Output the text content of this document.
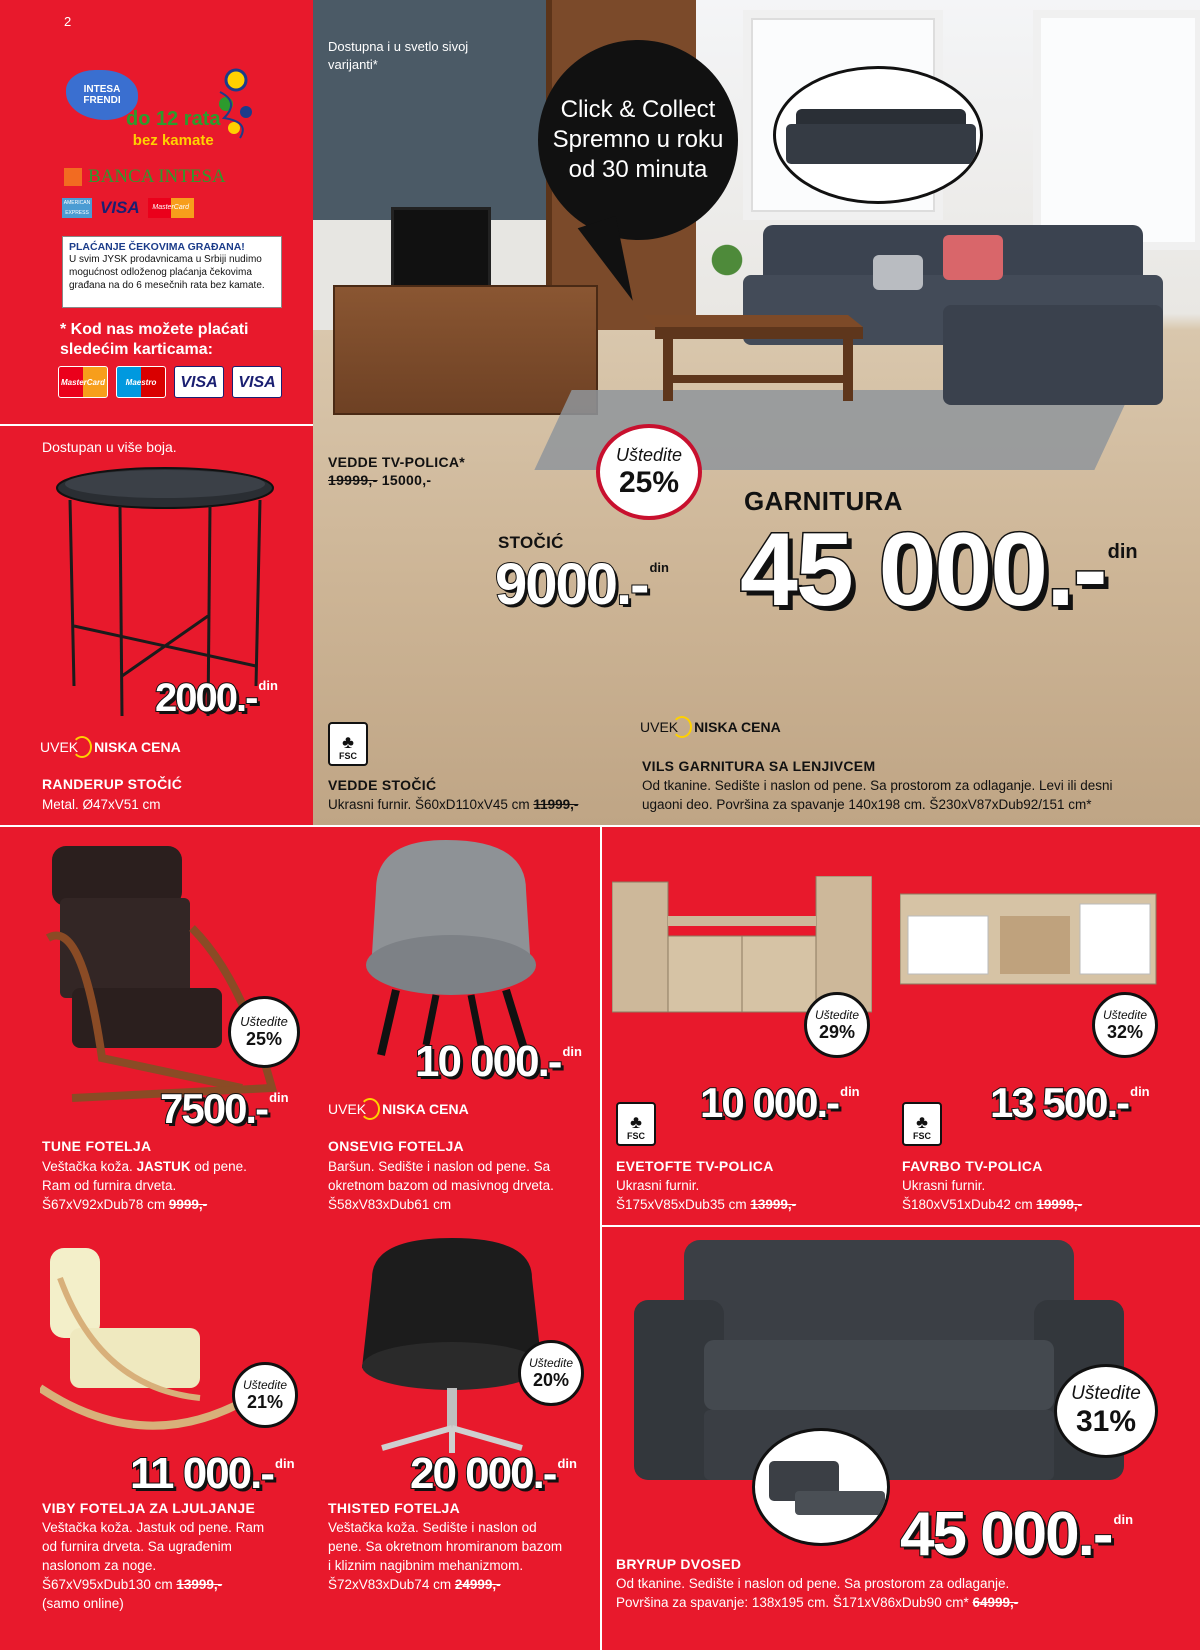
2
INTESA FRENDI
do 12 rata
bez kamate
BANCA INTESA
AMERICAN EXPRESS VISA	MasterCard
PLAĆANJE ČEKOVIMA GRAĐANA!
U svim JYSK prodavnicama u Srbiji nudimo mogućnost odloženog plaćanja čekovima građana na do 6 mesečnih rata bez kamate.
* Kod nas možete plaćati sledećim karticama:
MasterCard	Maestro	VISA	VISA
Dostupan u više boja.
2000.- din
UVEK NISKA CENA
RANDERUP STOČIĆ
Metal. Ø47xV51 cm
Dostupna i u svetlo sivoj varijanti*
Click & Collect
Spremno u roku
od 30 minuta
VEDDE TV-POLICA*
19999,- 15000,-
Uštedite
25%
STOČIĆ
9000.- din
GARNITURA
45 000.- din
UVEK NISKA CENA
♣
FSC
VEDDE STOČIĆ
Ukrasni furnir. Š60xD110xV45 cm 11999,-
VILS GARNITURA SA LENJIVCEM
Od tkanine. Sedište i naslon od pene. Sa prostorom za odlaganje. Levi ili desni ugaoni deo. Površina za spavanje 140x198 cm. Š230xV87xDub92/151 cm*
Uštedite
25%
7500.- din
TUNE FOTELJA
Veštačka koža. JASTUK od pene.
Ram od furnira drveta.
Š67xV92xDub78 cm 9999,-
10 000.- din
UVEK NISKA CENA
ONSEVIG FOTELJA
Baršun. Sedište i naslon od pene. Sa okretnom bazom od masivnog drveta. Š58xV83xDub61 cm
Uštedite
29%
10 000.- din
♣
FSC
EVETOFTE TV-POLICA
Ukrasni furnir.
Š175xV85xDub35 cm 13999,-
Uštedite
32%
13 500.- din
♣
FSC
FAVRBO TV-POLICA
Ukrasni furnir.
Š180xV51xDub42 cm 19999,-
Uštedite
21%
11 000.- din
VIBY FOTELJA ZA LJULJANJE
Veštačka koža. Jastuk od pene. Ram od furnira drveta. Sa ugrađenim naslonom za noge.
Š67xV95xDub130 cm 13999,-
(samo online)
Uštedite
20%
20 000.- din
THISTED FOTELJA
Veštačka koža. Sedište i naslon od pene. Sa okretnom hromiranom bazom i kliznim nagibnim mehanizmom.
Š72xV83xDub74 cm 24999,-
Uštedite
31%
45 000.- din
BRYRUP DVOSED
Od tkanine. Sedište i naslon od pene. Sa prostorom za odlaganje.
Površina za spavanje: 138x195 cm. Š171xV86xDub90 cm* 64999,-
